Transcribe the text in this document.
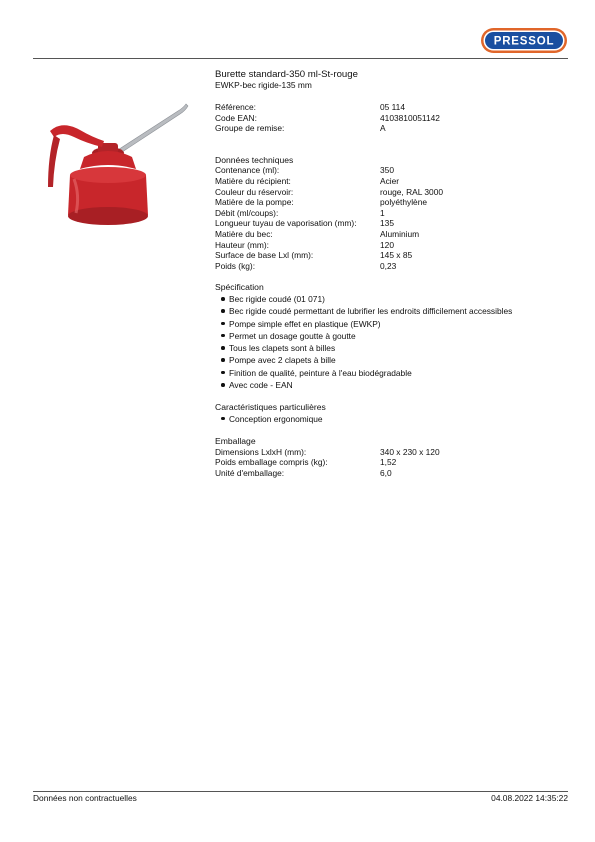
PRESSOL
Burette standard-350 ml-St-rouge
EWKP-bec rigide-135 mm
Référence:	05 114
Code EAN:	4103810051142
Groupe de remise:	A
Données techniques
Contenance (ml):	350
Matière du récipient:	Acier
Couleur du réservoir:	rouge, RAL 3000
Matière de la pompe:	polyéthylène
Débit (ml/coups):	1
Longueur tuyau de vaporisation (mm):	135
Matière du bec:	Aluminium
Hauteur (mm):	120
Surface de base Lxl (mm):	145 x 85
Poids (kg):	0,23
Spécification
Bec rigide coudé (01 071)
Bec rigide coudé permettant de lubrifier les endroits difficilement accessibles
Pompe simple effet en plastique (EWKP)
Permet un dosage goutte à goutte
Tous les clapets sont à billes
Pompe avec 2 clapets à bille
Finition de qualité, peinture à l'eau biodégradable
Avec code - EAN
Caractéristiques particulières
Conception ergonomique
Emballage
Dimensions LxlxH (mm):	340 x 230 x 120
Poids emballage compris (kg):	1,52
Unité d'emballage:	6,0
Données non contractuelles	04.08.2022 14:35:22
